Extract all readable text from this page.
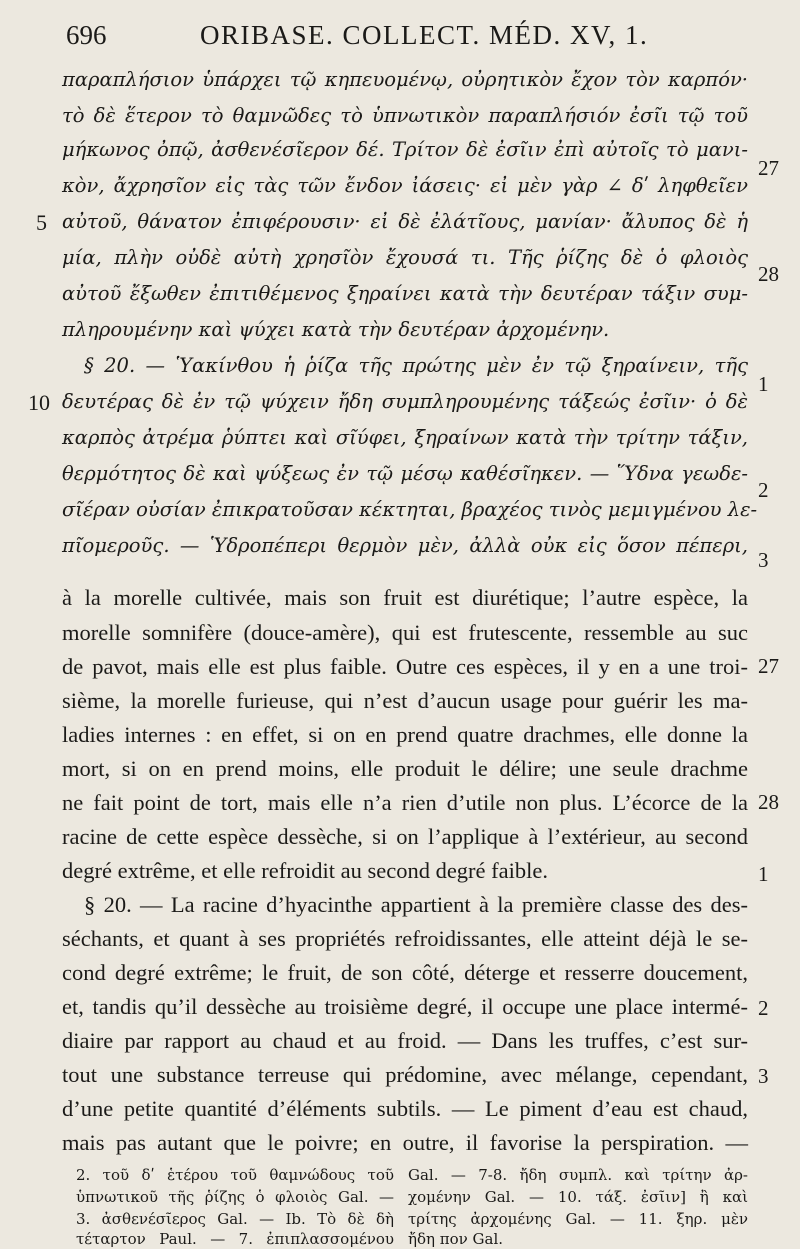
696	ORIBASE. COLLECT. MÉD. XV, 1.
παραπλήσιον ὑπάρχει τῷ κηπευομένῳ, οὐρητικὸν ἔχον τὸν καρπόν·
τὸ δὲ ἕτερον τὸ θαμνῶδες τὸ ὑπνωτικὸν παραπλήσιόν ἐσῖι τῷ τοῦ
μήκωνος ὀπῷ, ἀσθενέσῖερον δέ. Τρίτον δὲ ἐσῖιν ἐπὶ αὐτοῖς τὸ μανι-
κὸν, ἄχρησῖον εἰς τὰς τῶν ἔνδον ἰάσεις· εἰ μὲν γὰρ ∠ δʹ ληφθεῖεν
αὐτοῦ, θάνατον ἐπιφέρουσιν· εἰ δὲ ἐλάτῖους, μανίαν· ἄλυπος δὲ ἡ
μία, πλὴν οὐδὲ αὐτὴ χρησῖὸν ἔχουσά τι. Τῆς ῥίζης δὲ ὁ φλοιὸς
αὐτοῦ ἔξωθεν ἐπιτιθέμενος ξηραίνει κατὰ τὴν δευτέραν τάξιν συμ-
πληρουμένην καὶ ψύχει κατὰ τὴν δευτέραν ἀρχομένην.
§ 20. — Ὑακίνθου ἡ ῥίζα τῆς πρώτης μὲν ἐν τῷ ξηραίνειν, τῆς
δευτέρας δὲ ἐν τῷ ψύχειν ἤδη συμπληρουμένης τάξεώς ἐσῖιν· ὁ δὲ
καρπὸς ἀτρέμα ῥύπτει καὶ σῖύφει, ξηραίνων κατὰ τὴν τρίτην τάξιν,
θερμότητος δὲ καὶ ψύξεως ἐν τῷ μέσῳ καθέσῖηκεν. — Ὕδνα γεωδε-
σῖέραν οὐσίαν ἐπικρατοῦσαν κέκτηται, βραχέος τινὸς μεμιγμένου λε-
πῖομεροῦς. — Ὑδροπέπερι θερμὸν μὲν, ἀλλὰ οὐκ εἰς ὅσον πέπερι,
5
10
27
28
1
2
3
à la morelle cultivée, mais son fruit est diurétique; l’autre espèce, la
morelle somnifère (douce-amère), qui est frutescente, ressemble au suc
de pavot, mais elle est plus faible. Outre ces espèces, il y en a une troi-
sième, la morelle furieuse, qui n’est d’aucun usage pour guérir les ma-
ladies internes : en effet, si on en prend quatre drachmes, elle donne la
mort, si on en prend moins, elle produit le délire; une seule drachme
ne fait point de tort, mais elle n’a rien d’utile non plus. L’écorce de la
racine de cette espèce dessèche, si on l’applique à l’extérieur, au second
degré extrême, et elle refroidit au second degré faible.
§ 20. — La racine d’hyacinthe appartient à la première classe des des-
séchants, et quant à ses propriétés refroidissantes, elle atteint déjà le se-
cond degré extrême; le fruit, de son côté, déterge et resserre doucement,
et, tandis qu’il dessèche au troisième degré, il occupe une place intermé-
diaire par rapport au chaud et au froid. — Dans les truffes, c’est sur-
tout une substance terreuse qui prédomine, avec mélange, cependant,
d’une petite quantité d’éléments subtils. — Le piment d’eau est chaud,
mais pas autant que le poivre; en outre, il favorise la perspiration. —
27
28
1
2
3
2. τοῦ δʹ ἑτέρου τοῦ θαμνώδους τοῦ
ὑπνωτικοῦ τῆς ῥίζης ὁ φλοιὸς Gal. —
3. ἀσθενέσῖερος Gal. — Ib. Τὸ δὲ δὴ
τέταρτον Paul. — 7. ἐπιπλασσομένου
Gal. — 7-8. ἤδη συμπλ. καὶ τρίτην ἀρ-
χομένην Gal. — 10. τάξ. ἐσῖιν] ἢ καὶ
τρίτης ἀρχομένης Gal. — 11. ξηρ. μὲν
ἤδη πον Gal.
